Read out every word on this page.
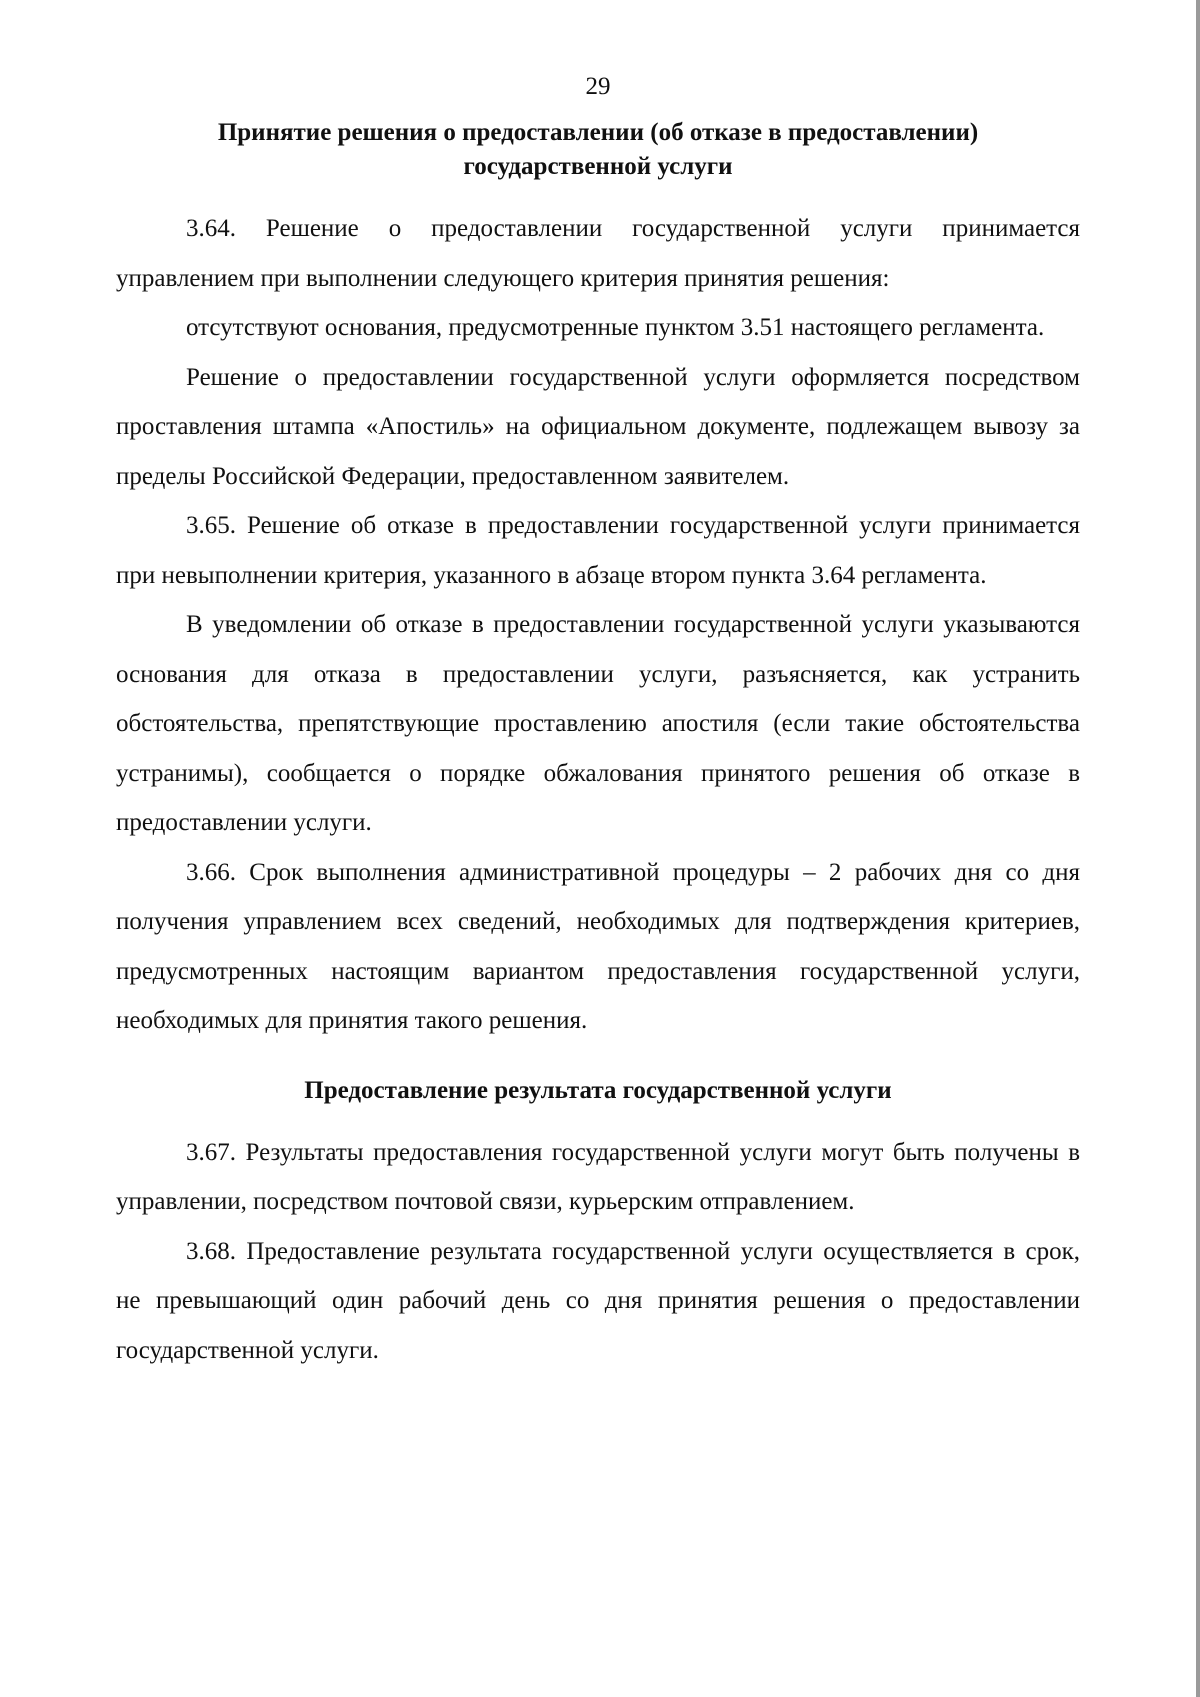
29
Принятие решения о предоставлении (об отказе в предоставлении)
государственной услуги

3.64. Решение о предоставлении государственной услуги принимается управлением при выполнении следующего критерия принятия решения:

отсутствуют основания, предусмотренные пунктом 3.51 настоящего регламента.

Решение о предоставлении государственной услуги оформляется посредством проставления штампа «Апостиль» на официальном документе, подлежащем вывозу за пределы Российской Федерации, предоставленном заявителем.

3.65. Решение об отказе в предоставлении государственной услуги принимается при невыполнении критерия, указанного в абзаце втором пункта 3.64 регламента.

В уведомлении об отказе в предоставлении государственной услуги указываются основания для отказа в предоставлении услуги, разъясняется, как устранить обстоятельства, препятствующие проставлению апостиля (если такие обстоятельства устранимы), сообщается о порядке обжалования принятого решения об отказе в предоставлении услуги.

3.66. Срок выполнения административной процедуры – 2 рабочих дня со дня получения управлением всех сведений, необходимых для подтверждения критериев, предусмотренных настоящим вариантом предоставления государственной услуги, необходимых для принятия такого решения.

Предоставление результата государственной услуги

3.67. Результаты предоставления государственной услуги могут быть получены в управлении, посредством почтовой связи, курьерским отправлением.

3.68. Предоставление результата государственной услуги осуществляется в срок, не превышающий один рабочий день со дня принятия решения о предоставлении государственной услуги.
